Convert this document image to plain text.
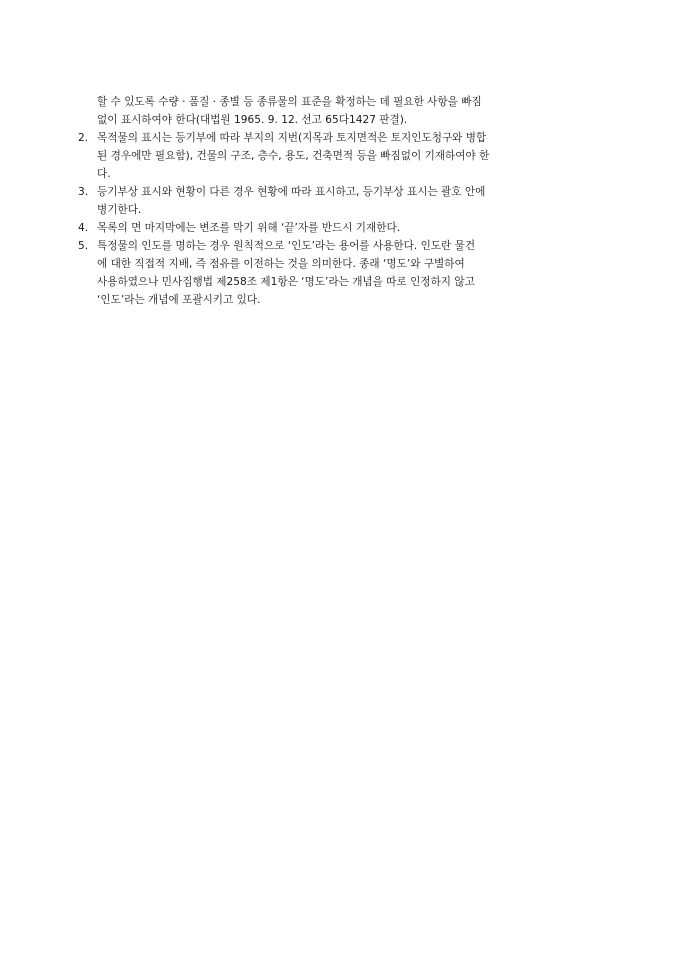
할 수 있도록 수량 · 품질 · 종별 등 종류물의 표준을 확정하는 데 필요한 사항을 빠짐
없이 표시하여야 한다(대법원 1965. 9. 12. 선고 65다1427 판결).

2. 목적물의 표시는 등기부에 따라 부지의 지번(지목과 토지면적은 토지인도청구와 병합
된 경우에만 필요함), 건물의 구조, 층수, 용도, 건축면적 등을 빠짐없이 기재하여야 한
다.

3. 등기부상 표시와 현황이 다른 경우 현황에 따라 표시하고, 등기부상 표시는 괄호 안에
병기한다.

4. 목록의 면 마지막에는 변조를 막기 위해 ‘끝’자를 반드시 기재한다.

5. 특정물의 인도를 명하는 경우 원칙적으로 ‘인도’라는 용어를 사용한다. 인도란 물건
에 대한 직접적 지배, 즉 점유를 이전하는 것을 의미한다. 종래 ‘명도’와 구별하여
사용하였으나 민사집행법 제258조 제1항은 ‘명도’라는 개념을 따로 인정하지 않고
‘인도’라는 개념에 포괄시키고 있다.
